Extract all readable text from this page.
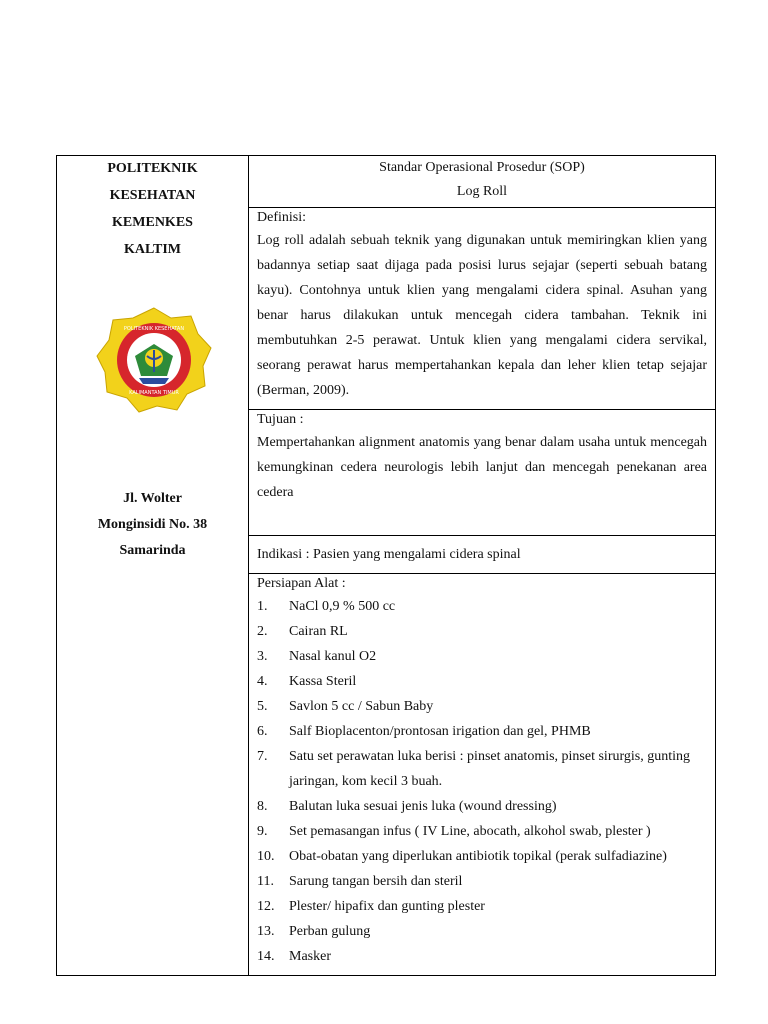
POLITEKNIK
KESEHATAN
KEMENKES
KALTIM
POLITEKNIK KESEHATAN
KALIMANTAN TIMUR
Jl. Wolter
Monginsidi No. 38
Samarinda
Standar Operasional Prosedur (SOP)
Log Roll
Definisi:
Log roll adalah sebuah teknik yang digunakan untuk memiringkan klien yang badannya setiap saat dijaga pada posisi lurus sejajar (seperti sebuah batang kayu). Contohnya untuk klien yang mengalami cidera spinal. Asuhan yang benar harus dilakukan untuk mencegah cidera tambahan. Teknik ini membutuhkan 2-5 perawat. Untuk klien yang mengalami cidera servikal, seorang perawat harus mempertahankan kepala dan leher klien tetap sejajar (Berman, 2009).
Tujuan :
Mempertahankan alignment anatomis yang benar dalam usaha untuk mencegah kemungkinan cedera neurologis lebih lanjut dan mencegah penekanan area cedera
Indikasi : Pasien yang mengalami cidera spinal
Persiapan Alat :
1.	NaCl 0,9 % 500 cc
2.	Cairan RL
3.	Nasal kanul O2
4.	Kassa Steril
5.	Savlon 5 cc / Sabun Baby
6.	Salf Bioplacenton/prontosan irigation dan gel, PHMB
7.	Satu set perawatan luka berisi : pinset anatomis, pinset sirurgis, gunting jaringan, kom kecil 3 buah.
8.	Balutan luka sesuai jenis luka (wound dressing)
9.	Set pemasangan infus ( IV Line, abocath, alkohol swab, plester )
10.	Obat-obatan yang diperlukan antibiotik topikal (perak sulfadiazine)
11.	Sarung tangan bersih dan steril
12.	Plester/ hipafix dan gunting plester
13.	Perban gulung
14.	Masker
